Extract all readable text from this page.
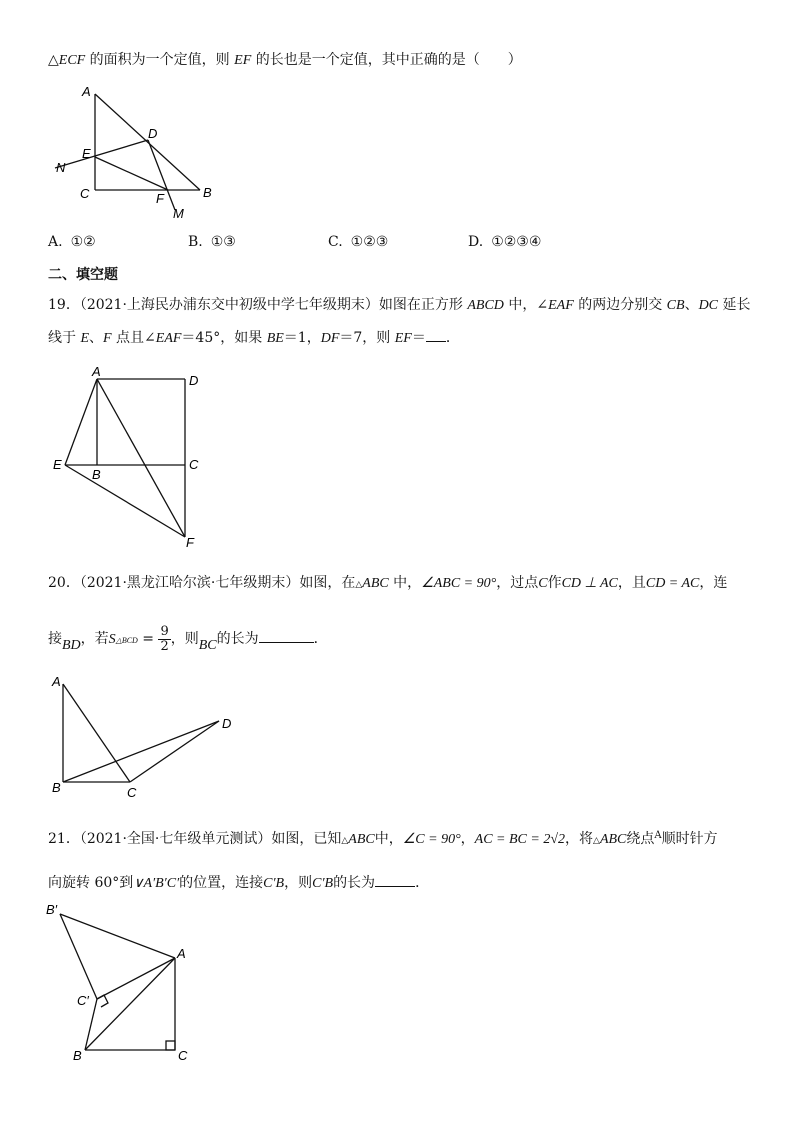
△ECF 的面积为一个定值，则 EF 的长也是一个定值，其中正确的是（　　）
A
D
N
E
C	F	B
M
A. ①②	B. ①③	C. ①②③	D. ①②③④
二、填空题
19．（2021·上海民办浦东交中初级中学七年级期末）如图在正方形 ABCD 中，∠EAF 的两边分别交 CB、DC 延长
线于 E、F 点且∠EAF＝45°，如果 BE＝1，DF＝7，则 EF＝ ．
A
D
E
B
C
F
20．（2021·黑龙江哈尔滨·七年级期末）如图，在△ABC 中，∠ABC = 90°，过点C作CD ⊥ AC，且CD = AC，连
接BD，若S△BCD = $\frac{9}{2}$ ，则BC的长为	．
A
D
B	C
21．（2021·全国·七年级单元测试）如图，已知△ABC中，∠C = 90°，AC = BC = 2√2，将△ABC绕点$^A$顺时针方
向旋转 60°到∨A′B′C′的位置，连接C′B，则C′B的长为	．
B′
A
C′
B	C
